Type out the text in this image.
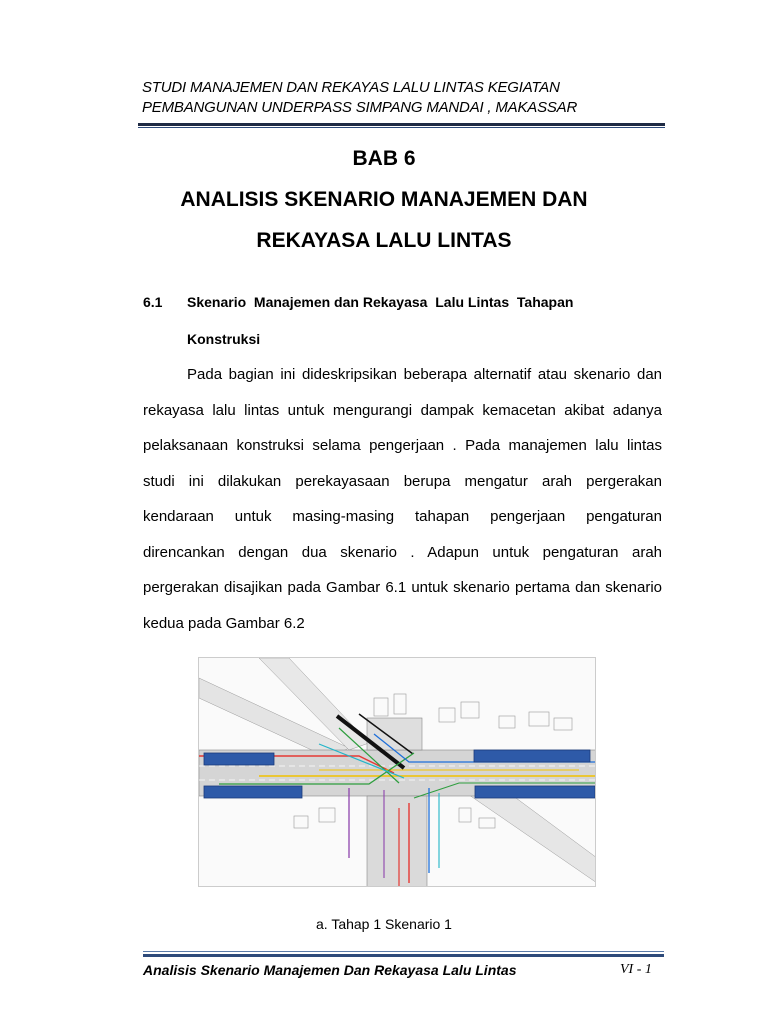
STUDI MANAJEMEN DAN REKAYAS LALU LINTAS KEGIATAN
PEMBANGUNAN UNDERPASS SIMPANG MANDAI , MAKASSAR
BAB 6
ANALISIS SKENARIO MANAJEMEN DAN
REKAYASA LALU LINTAS
6.1 Skenario  Manajemen dan Rekayasa  Lalu Lintas  Tahapan
Konstruksi
Pada bagian ini dideskripsikan beberapa alternatif atau skenario dan
rekayasa lalu lintas untuk mengurangi dampak kemacetan akibat adanya
pelaksanaan konstruksi selama pengerjaan . Pada manajemen lalu lintas
studi ini dilakukan perekayasaan berupa mengatur arah pergerakan
kendaraan untuk masing-masing tahapan pengerjaan pengaturan
direncankan dengan dua skenario . Adapun untuk pengaturan arah
pergerakan disajikan pada Gambar 6.1 untuk skenario pertama dan skenario
kedua pada Gambar 6.2
a. Tahap 1 Skenario 1
Analisis Skenario Manajemen Dan Rekayasa Lalu Lintas	VI - 1
